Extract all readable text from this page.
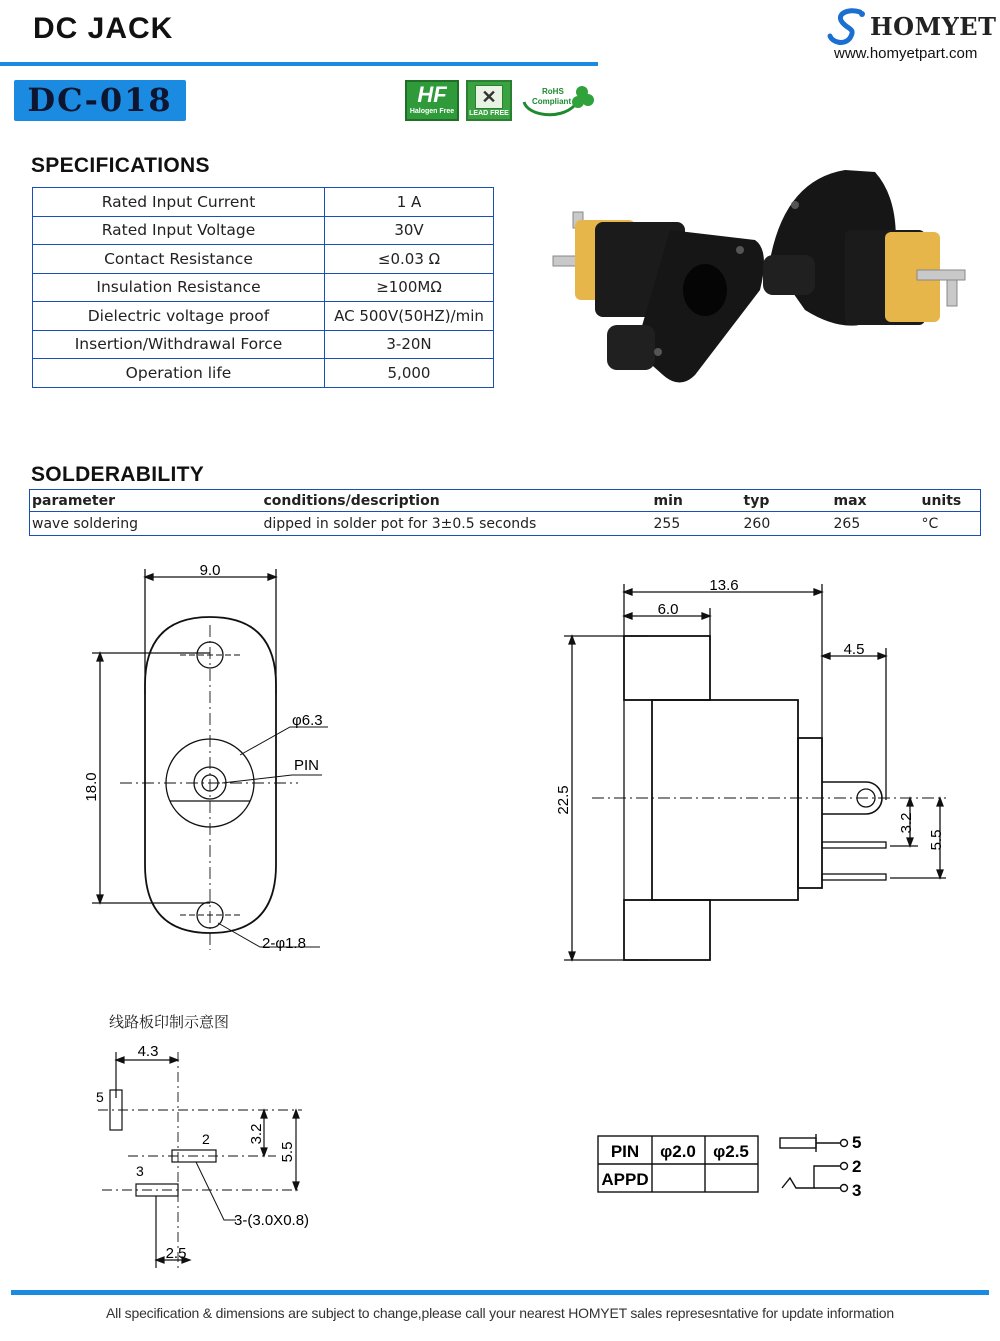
DC JACK	HOMYET
www.homyetpart.com
DC-018	HF
Halogen Free
✕
LEAD FREE
RoHS
Compliant
SPECIFICATIONS
Rated Input Current	1 A
Rated Input Voltage	30V
Contact Resistance	≤0.03 Ω
Insulation Resistance	≥100MΩ
Dielectric voltage proof	AC 500V(50HZ)/min
Insertion/Withdrawal Force	3-20N
Operation life	5,000
SOLDERABILITY
parameter	conditions/description	min	typ	max	units
wave soldering	dipped in solder pot for 3±0.5 seconds	255	260	265	°C
9.0
18.0
φ6.3
PIN
2-φ1.8
13.6
6.0
4.5
22.5
3.2
5.5
线路板印制示意图
4.3
5
2
3
3.2
5.5
3-(3.0X0.8)
2.5
PIN φ2.0 φ2.5
APPD
5
2
3
All specification & dimensions are subject to change,please call your nearest HOMYET sales represesntative for update information
